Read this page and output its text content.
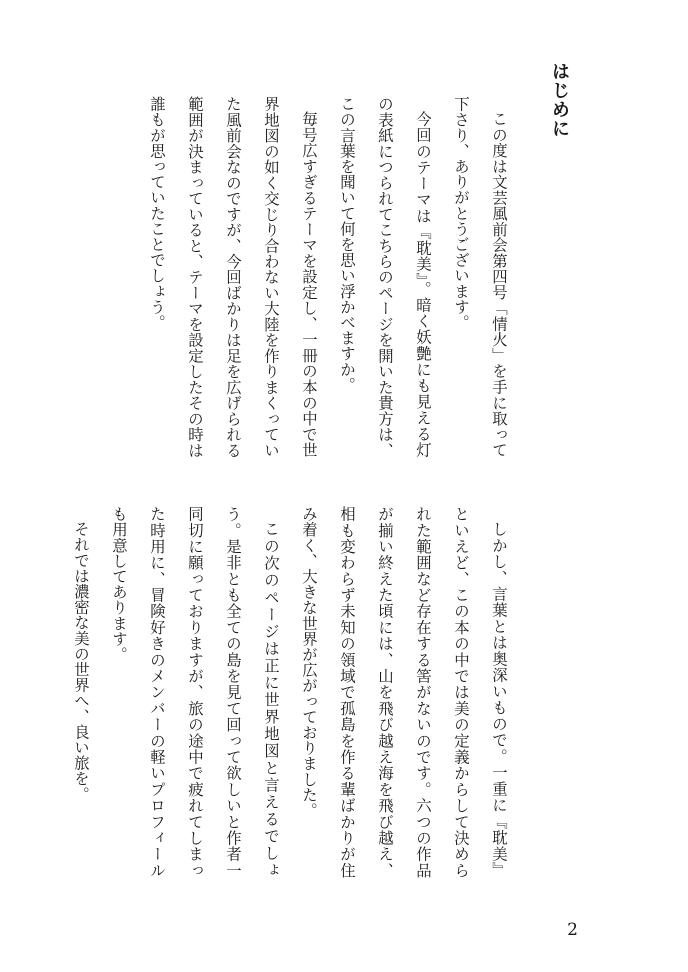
はじめに

この度は文芸風前会第四号「情火」を手に取って下さり、ありがとうございます。

今回のテーマは『耽美』。暗く妖艶にも見える灯の表紙につられてこちらのページを開いた貴方は、この言葉を聞いて何を思い浮かべますか。

毎号広すぎるテーマを設定し、一冊の本の中で世界地図の如く交じり合わない大陸を作りまくっていた風前会なのですが、今回ばかりは足を広げられる範囲が決まっていると、テーマを設定したその時は誰もが思っていたことでしょう。

しかし、言葉とは奥深いもので。一重に『耽美』といえど、この本の中では美の定義からして決められた範囲など存在する筈がないのです。六つの作品が揃い終えた頃には、山を飛び越え海を飛び越え、相も変わらず未知の領域で孤島を作る輩ばかりが住み着く、大きな世界が広がっておりました。

この次のページは正に世界地図と言えるでしょう。是非とも全ての島を見て回って欲しいと作者一同切に願っておりますが、旅の途中で疲れてしまった時用に、冒険好きのメンバーの軽いプロフィールも用意してあります。

それでは濃密な美の世界へ、良い旅を。

2
